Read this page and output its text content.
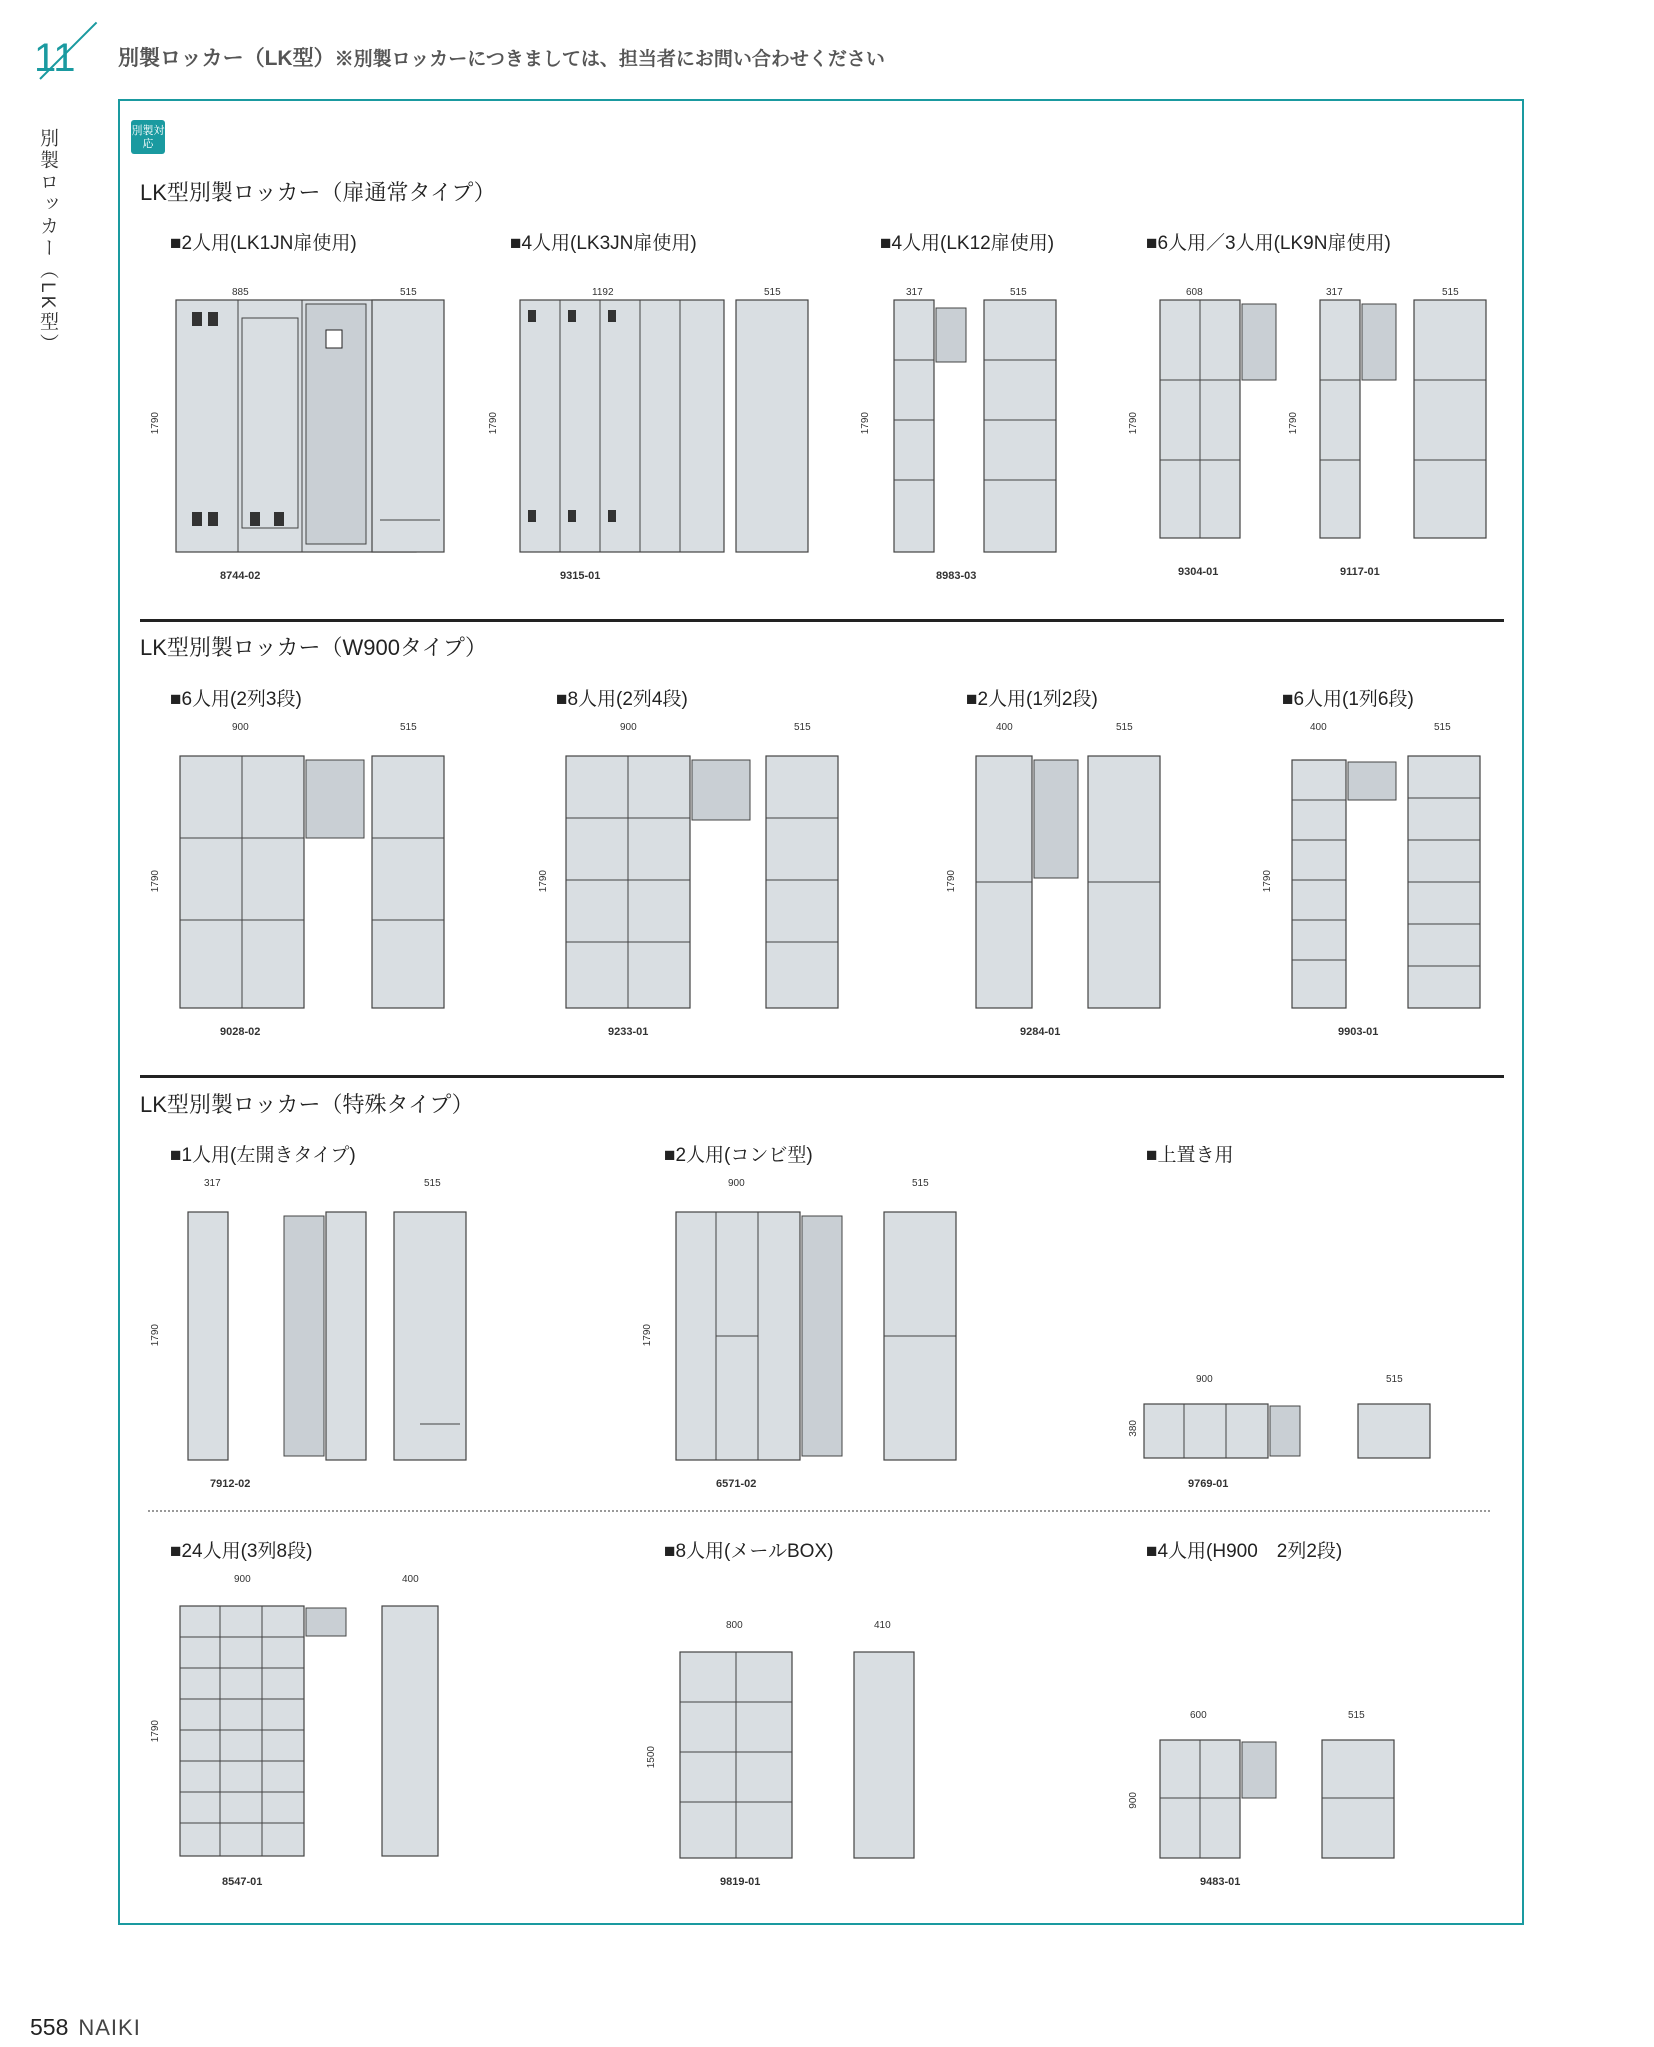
11
別製ロッカー（LK型）
別製ロッカー（LK型）※別製ロッカーにつきましては、担当者にお問い合わせください
別製対応
LK型別製ロッカー（扉通常タイプ）
LK型別製ロッカー（W900タイプ）
LK型別製ロッカー（特殊タイプ）
■2人用(LK1JN扉使用)	■4人用(LK3JN扉使用)	■4人用(LK12扉使用)	■6人用／3人用(LK9N扉使用)
■6人用(2列3段)	■8人用(2列4段)	■2人用(1列2段)	■6人用(1列6段)
■1人用(左開きタイプ)	■2人用(コンビ型)	■上置き用
■24人用(3列8段)	■8人用(メールBOX)	■4人用(H900　2列2段)
885	515
1790
8744-02
1192	515
1790
9315-01
317	515
1790
8983-03
608	317	515
1790	1790
9304-01	9117-01
900	515
1790
9028-02
900	515
1790
9233-01
400	515
1790
9284-01
400	515
1790
9903-01
317	515
1790
7912-02
900	515
1790
6571-02
900	515
380
9769-01
900	400
1790
8547-01
800	410
1500
9819-01
600	515
900
9483-01
558 NAIKI
